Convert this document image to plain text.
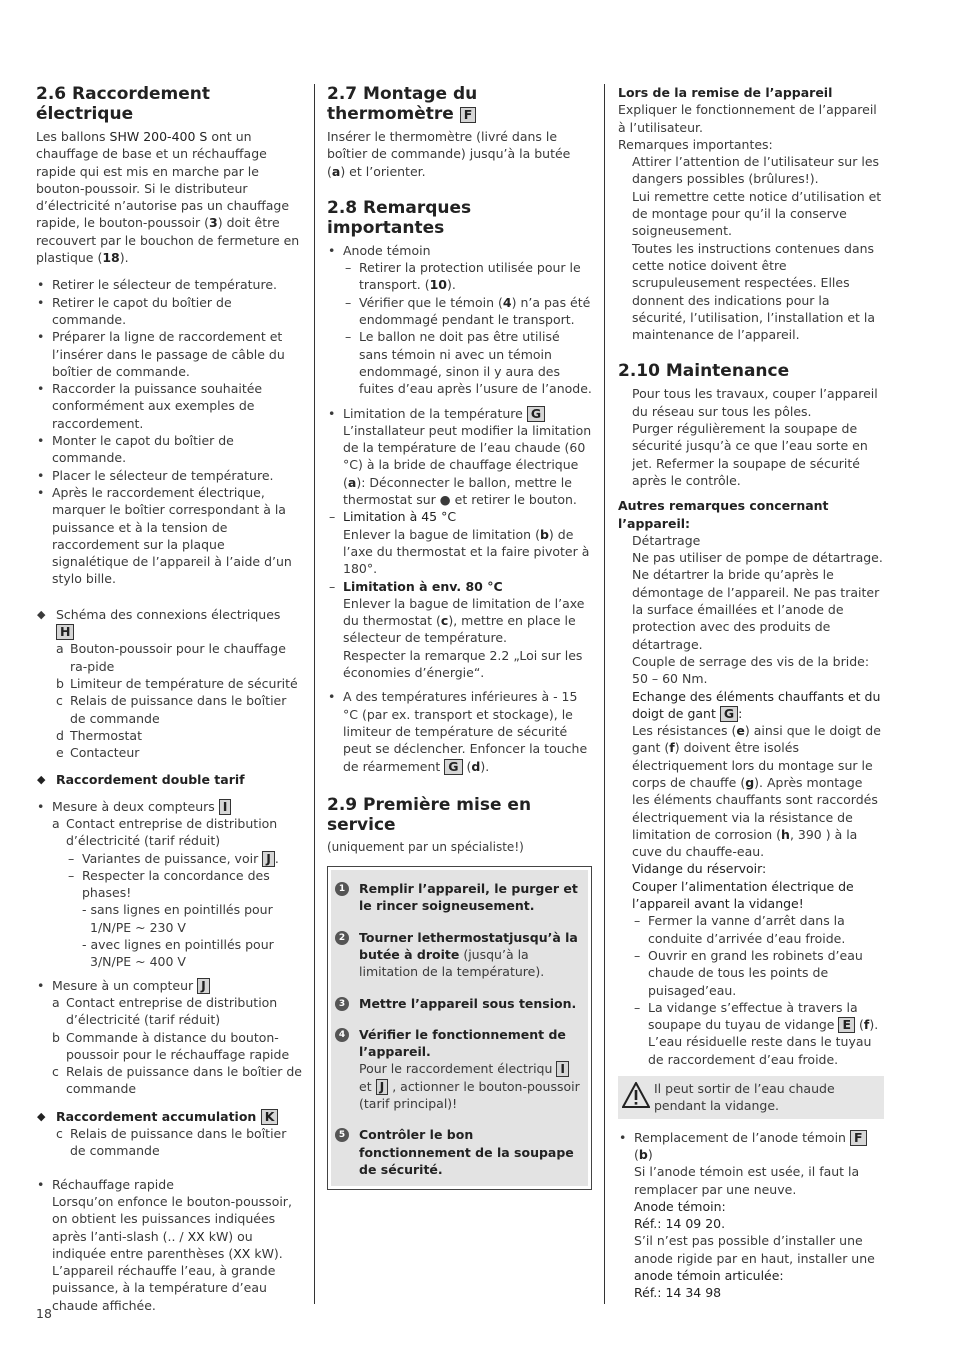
2.6 Raccordement électrique

Les ballons SHW 200-400 S ont un chauffage de base et un réchauffage rapide qui est mis en marche par le bouton-poussoir. Si le distributeur d’électricité n’autorise pas un chauffage rapide, le bouton-poussoir (3) doit être recouvert par le bouchon de fermeture en plastique (18).

• Retirer le sélecteur de température.
• Retirer le capot du boîtier de commande.
• Préparer la ligne de raccordement et l’insérer dans le passage de câble du boîtier de commande.
• Raccorder la puissance souhaitée conformément aux exemples de raccordement.
• Monter le capot du boîtier de commande.
• Placer le sélecteur de température.
• Après le raccordement électrique, marquer le boîtier correspondant à la puissance et à la tension de raccordement sur la plaque signalétique de l’appareil à l’aide d’un stylo bille.
◆ Schéma des connexions électriques H
a Bouton-poussoir pour le chauffage ra-pide
b Limiteur de température de sécurité
c Relais de puissance dans le boîtier de commande
d Thermostat
e Contacteur
◆ Raccordement double tarif
• Mesure à deux compteurs I
a Contact entreprise de distribution d’électricité (tarif réduit)
– Variantes de puissance, voir J .
– Respecter la concordance des phases!
- sans lignes en pointillés pour 1/N/PE ~ 230 V
- avec lignes en pointillés pour 3/N/PE ~ 400 V
• Mesure à un compteur J
a Contact entreprise de distribution d’électricité (tarif réduit)
b Commande à distance du bouton-poussoir pour le réchauffage rapide
c Relais de puissance dans le boîtier de commande
◆ Raccordement accumulation K
c Relais de puissance dans le boîtier de commande
• Réchauffage rapide
Lorsqu’on enfonce le bouton-poussoir, on obtient les puissances indiquées après l’anti-slash (.. / XX kW) ou indiquée entre parenthèses (XX kW). L’appareil réchauffe l’eau, à grande puissance, à la température d’eau chaude affichée.
2.7 Montage du
thermomètre F

Insérer le thermomètre (livré dans le boîtier de commande) jusqu’à la butée (a) et l’orienter.

2.8 Remarques importantes
• Anode témoin
– Retirer la protection utilisée pour le transport. (10).
– Vérifier que le témoin (4) n’a pas été endommagé pendant le transport.
– Le ballon ne doit pas être utilisé sans témoin ni avec un témoin endommagé, sinon il y aura des fuites d’eau après l’usure de l’anode.
• Limitation de la température G
L’installateur peut modifier la limitation de la température de l’eau chaude (60 °C) à la bride de chauffage électrique (a): Déconnecter le ballon, mettre le thermostat sur ● et retirer le bouton.
– Limitation à 45 °C
Enlever la bague de limitation (b) de l’axe du thermostat et la faire pivoter à 180°.
– Limitation à env. 80 °C
Enlever la bague de limitation de l’axe du thermostat (c), mettre en place le sélecteur de température.
Respecter la remarque 2.2 „Loi sur les économies d’énergie“.
• A des températures inférieures à - 15 °C (par ex. transport et stockage), le limiteur de température de sécurité peut se déclencher. Enfoncer la touche de réarmement G (d).
2.9 Première mise en service

(uniquement par un spécialiste!)

1	Remplir l’appareil, le purger et le rincer soigneusement.
2	Tourner lethermostatjusqu’à la butée à droite (jusqu’à la limitation de la température).
3	Mettre l’appareil sous tension.
4	Vérifier le fonctionnement de l’appareil.
Pour le raccordement électriqu I et J , actionner le bouton-poussoir (tarif principal)!
5	Contrôler le bon fonctionnement de la soupape de sécurité.

Lors de la remise de l’appareil

Expliquer le fonctionnement de l’appareil à l’utilisateur.

Remarques importantes:

Attirer l’attention de l’utilisateur sur les dangers possibles (brûlures!).

Lui remettre cette notice d’utilisation et de montage pour qu’il la conserve soigneusement.

Toutes les instructions contenues dans cette notice doivent être scrupuleusement respectées. Elles donnent des indications pour la sécurité, l’utilisation, l’installation et la maintenance de l’appareil.

2.10 Maintenance

Pour tous les travaux, couper l’appareil du réseau sur tous les pôles.

Purger régulièrement la soupape de sécurité jusqu’à ce que l’eau sorte en jet. Refermer la soupape de sécurité après le contrôle.

Autres remarques concernant l’appareil:

Détartrage

Ne pas utiliser de pompe de détartrage. Ne détartrer la bride qu’après le démontage de l’appareil. Ne pas traiter la surface émaillées et l’anode de protection avec des produits de détartrage.

Couple de serrage des vis de la bride: 50 – 60 Nm.

Echange des éléments chauffants et du doigt de gant G :

Les résistances (e) ainsi que le doigt de gant (f) doivent être isolés électriquement lors du montage sur le corps de chauffe (g). Après montage les éléments chauffants sont raccordés électriquement via la résistance de limitation de corrosion (h, 390 ) à la cuve du chauffe-eau.

Vidange du réservoir:

Couper l’alimentation électrique de l’appareil avant la vidange!

– Fermer la vanne d’arrêt dans la conduite d’arrivée d’eau froide.
– Ouvrir en grand les robinets d’eau chaude de tous les points de puisaged’eau.
– La vidange s’effectue à travers la soupape du tuyau de vidange E (f). L’eau résiduelle reste dans le tuyau de raccordement d’eau froide.

Il peut sortir de l’eau chaude pendant la vidange.

• Remplacement de l’anode témoin F (b)

Si l’anode témoin est usée, il faut la remplacer par une neuve.

Anode témoin:

Réf.: 14 09 20.

S’il n’est pas possible d’installer une anode rigide par en haut, installer une

anode témoin articulée:

Réf.: 14 34 98

18
